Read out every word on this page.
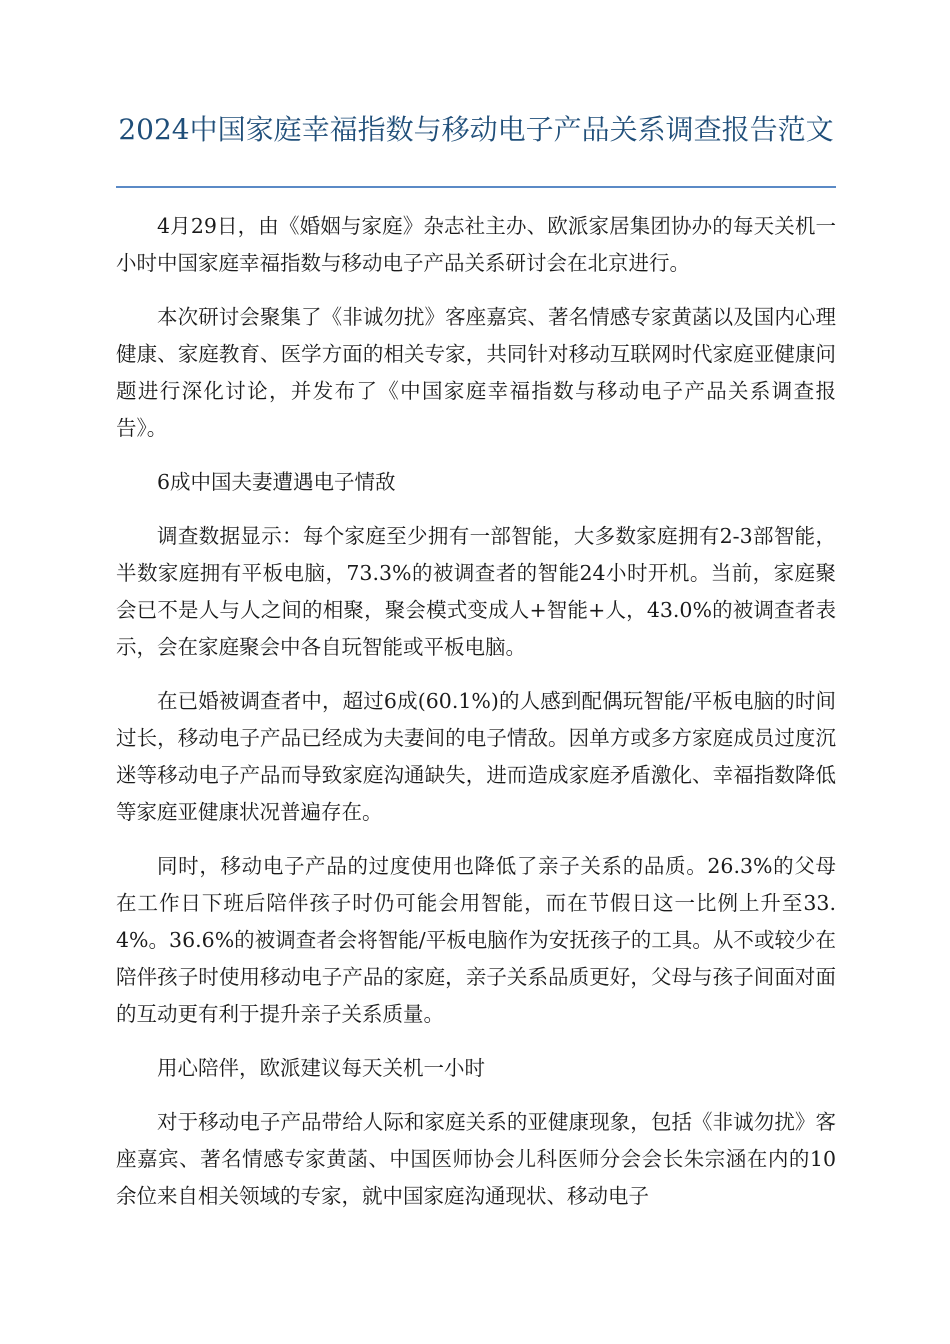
2024中国家庭幸福指数与移动电子产品关系调查报告范文

4月29日，由《婚姻与家庭》杂志社主办、欧派家居集团协办的每天关机一小时中国家庭幸福指数与移动电子产品关系研讨会在北京进行。

本次研讨会聚集了《非诚勿扰》客座嘉宾、著名情感专家黄菡以及国内心理健康、家庭教育、医学方面的相关专家，共同针对移动互联网时代家庭亚健康问题进行深化讨论，并发布了《中国家庭幸福指数与移动电子产品关系调查报告》。

6成中国夫妻遭遇电子情敌

调查数据显示：每个家庭至少拥有一部智能，大多数家庭拥有2-3部智能，半数家庭拥有平板电脑，73.3%的被调查者的智能24小时开机。当前，家庭聚会已不是人与人之间的相聚，聚会模式变成人+智能+人，43.0%的被调查者表示，会在家庭聚会中各自玩智能或平板电脑。

在已婚被调查者中，超过6成(60.1%)的人感到配偶玩智能/平板电脑的时间过长，移动电子产品已经成为夫妻间的电子情敌。因单方或多方家庭成员过度沉迷等移动电子产品而导致家庭沟通缺失，进而造成家庭矛盾激化、幸福指数降低等家庭亚健康状况普遍存在。

同时，移动电子产品的过度使用也降低了亲子关系的品质。26.3%的父母在工作日下班后陪伴孩子时仍可能会用智能，而在节假日这一比例上升至33.4%。36.6%的被调查者会将智能/平板电脑作为安抚孩子的工具。从不或较少在陪伴孩子时使用移动电子产品的家庭，亲子关系品质更好，父母与孩子间面对面的互动更有利于提升亲子关系质量。

用心陪伴，欧派建议每天关机一小时

对于移动电子产品带给人际和家庭关系的亚健康现象，包括《非诚勿扰》客座嘉宾、著名情感专家黄菡、中国医师协会儿科医师分会会长朱宗涵在内的10余位来自相关领域的专家，就中国家庭沟通现状、移动电子
